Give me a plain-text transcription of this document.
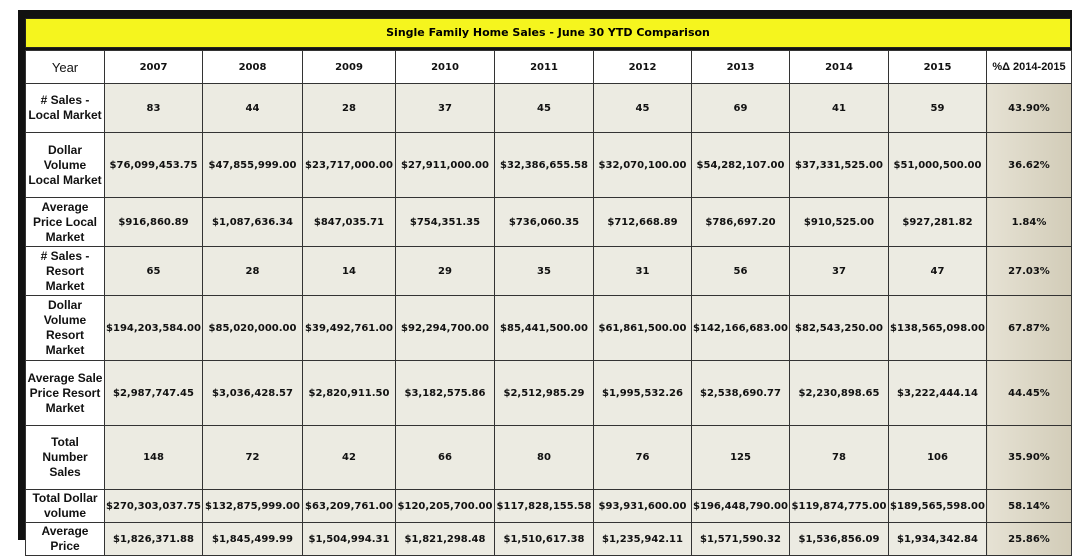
Single Family Home Sales - June 30 YTD Comparison
Year	2007	2008	2009	2010	2011	2012	2013	2014	2015	%Δ 2014-2015
# Sales - Local Market	83	44	28	37	45	45	69	41	59	43.90%
Dollar Volume Local Market	$76,099,453.75	$47,855,999.00	$23,717,000.00	$27,911,000.00	$32,386,655.58	$32,070,100.00	$54,282,107.00	$37,331,525.00	$51,000,500.00	36.62%
Average Price Local Market	$916,860.89	$1,087,636.34	$847,035.71	$754,351.35	$736,060.35	$712,668.89	$786,697.20	$910,525.00	$927,281.82	1.84%
# Sales - Resort Market	65	28	14	29	35	31	56	37	47	27.03%
Dollar Volume Resort Market	$194,203,584.00	$85,020,000.00	$39,492,761.00	$92,294,700.00	$85,441,500.00	$61,861,500.00	$142,166,683.00	$82,543,250.00	$138,565,098.00	67.87%
Average Sale Price Resort Market	$2,987,747.45	$3,036,428.57	$2,820,911.50	$3,182,575.86	$2,512,985.29	$1,995,532.26	$2,538,690.77	$2,230,898.65	$3,222,444.14	44.45%
Total Number Sales	148	72	42	66	80	76	125	78	106	35.90%
Total Dollar volume	$270,303,037.75	$132,875,999.00	$63,209,761.00	$120,205,700.00	$117,828,155.58	$93,931,600.00	$196,448,790.00	$119,874,775.00	$189,565,598.00	58.14%
Average Price	$1,826,371.88	$1,845,499.99	$1,504,994.31	$1,821,298.48	$1,510,617.38	$1,235,942.11	$1,571,590.32	$1,536,856.09	$1,934,342.84	25.86%
